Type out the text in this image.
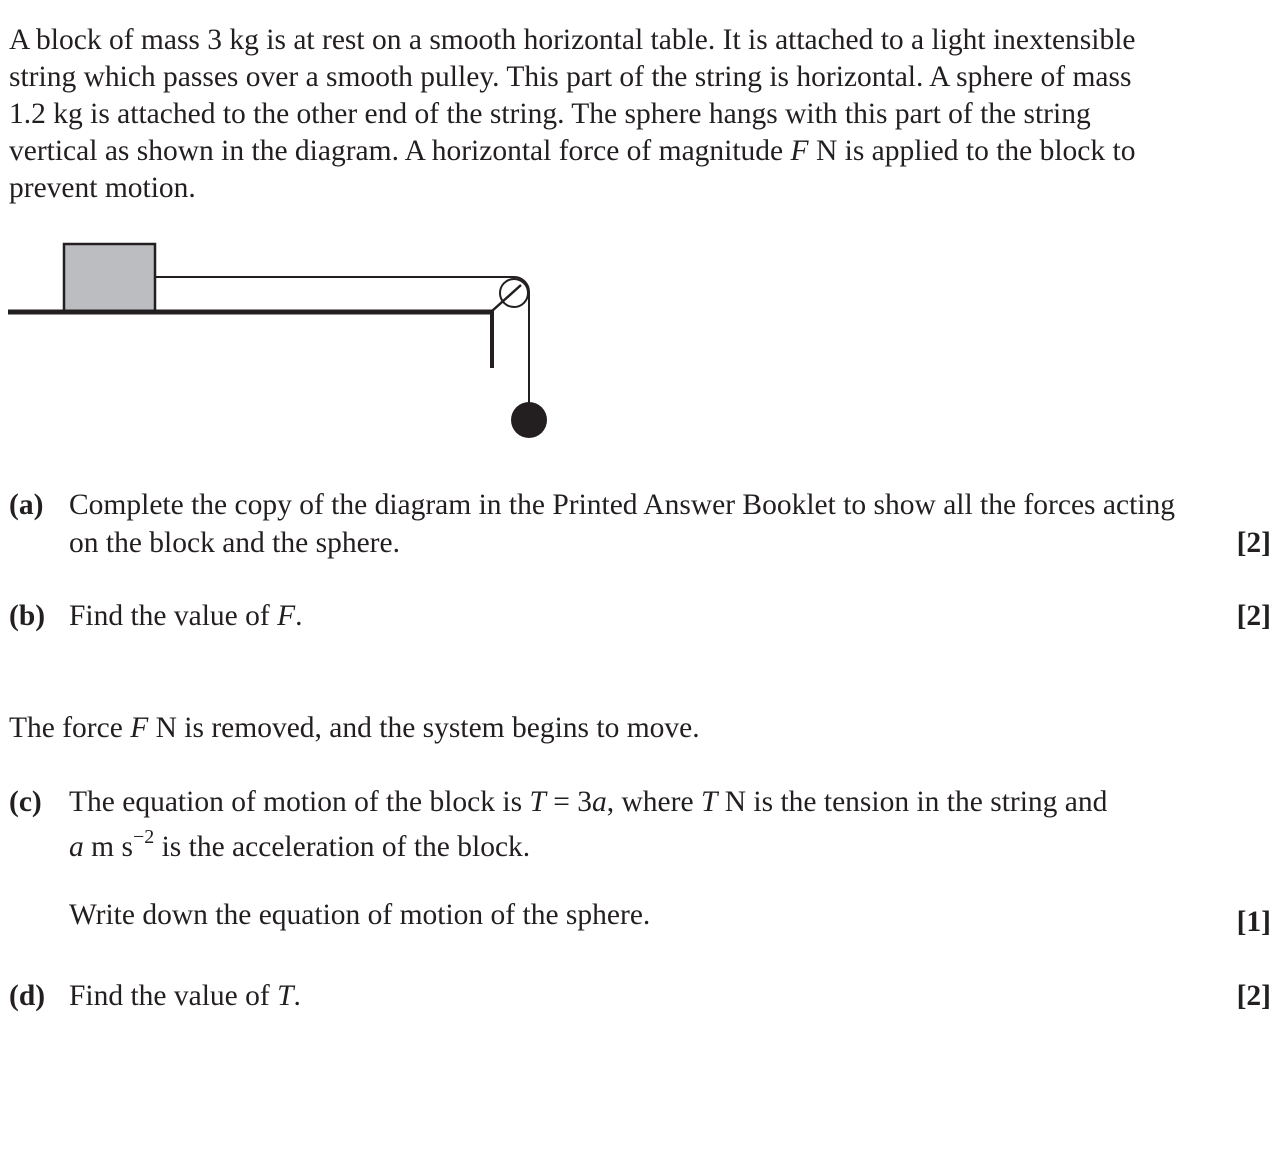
A block of mass 3 kg is at rest on a smooth horizontal table. It is attached to a light inextensible

string which passes over a smooth pulley. This part of the string is horizontal. A sphere of mass

1.2 kg is attached to the other end of the string. The sphere hangs with this part of the string

vertical as shown in the diagram. A horizontal force of magnitude F N is applied to the block to

prevent motion.

(a) Complete the copy of the diagram in the Printed Answer Booklet to show all the forces acting
on the block and the sphere.	[2]
(b) Find the value of F.	[2]
The force F N is removed, and the system begins to move.
(c) The equation of motion of the block is T = 3a, where T N is the tension in the string and
a m $s^{-2}$ is the acceleration of the block.
Write down the equation of motion of the sphere.	[1]
(d) Find the value of T.	[2]
